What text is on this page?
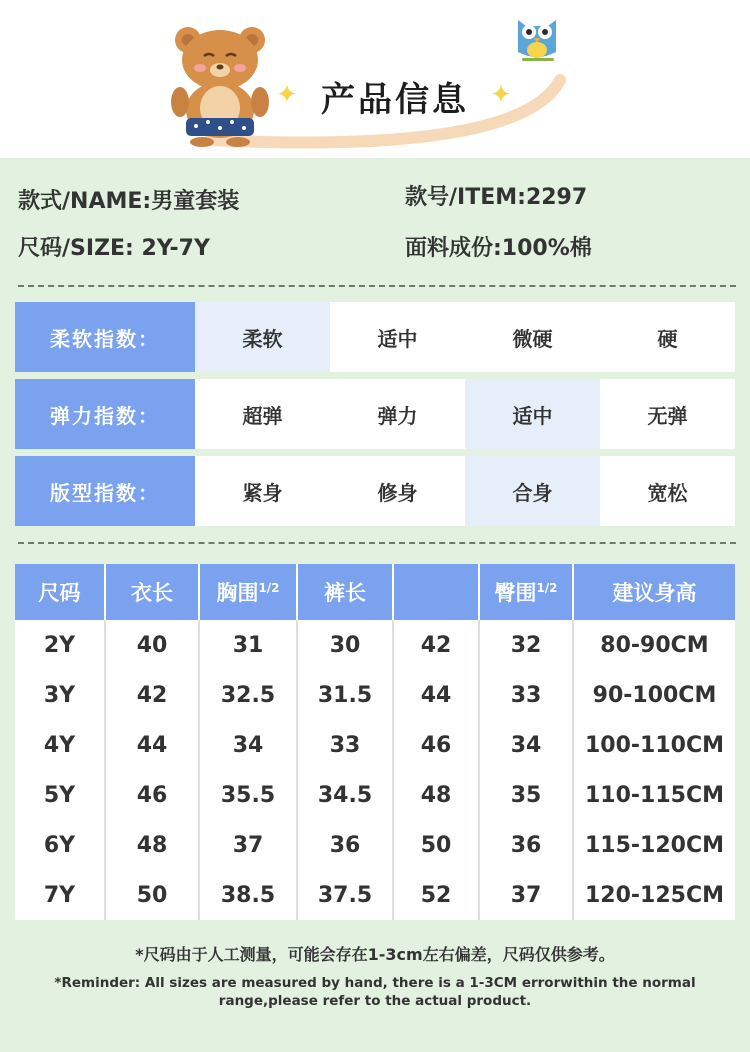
✦	✦
产品信息
款式/NAME:男童套装	款号/ITEM:2297
尺码/SIZE: 2Y-7Y	面料成份:100%棉
柔软指数：	柔软	适中	微硬	硬
弹力指数：	超弹	弹力	适中	无弹
版型指数：	紧身	修身	合身	宽松
尺码	衣长	胸围$^{1/2}$	裤长		臀围$^{1/2}$	建议身高
2Y	40	31	30	42	32	80-90CM
3Y	42	32.5	31.5	44	33	90-100CM
4Y	44	34	33	46	34	100-110CM
5Y	46	35.5	34.5	48	35	110-115CM
6Y	48	37	36	50	36	115-120CM
7Y	50	38.5	37.5	52	37	120-125CM
*尺码由于人工测量，可能会存在1-3cm左右偏差，尺码仅供参考。
*Reminder: All sizes are measured by hand, there is a 1-3CM errorwithin the normal range,please refer to the actual product.
